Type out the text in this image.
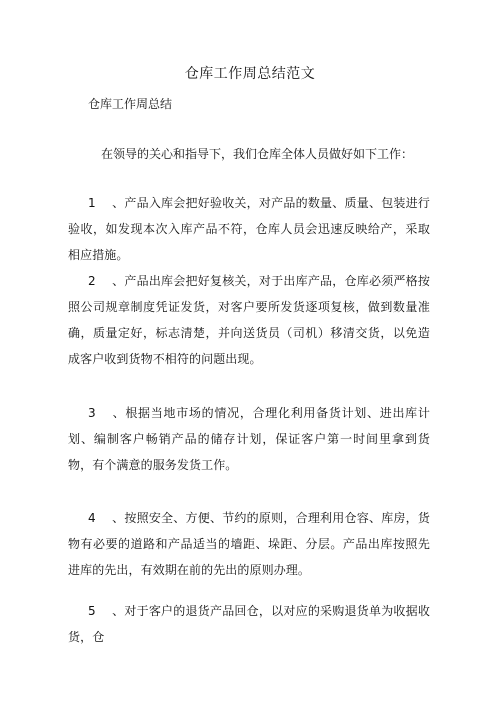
仓库工作周总结范文
仓库工作周总结
在领导的关心和指导下，我们仓库全体人员做好如下工作：
1 、产品入库会把好验收关，对产品的数量、质量、包装进行验收，如发现本次入库产品不符，仓库人员会迅速反映给产，采取相应措施。
2 、产品出库会把好复核关，对于出库产品，仓库必须严格按照公司规章制度凭证发货，对客户要所发货逐项复核，做到数量准确，质量定好，标志清楚，并向送货员（司机）移清交货，以免造成客户收到货物不相符的问题出现。
3 、根据当地市场的情况，合理化利用备货计划、进出库计划、编制客户畅销产品的储存计划，保证客户第一时间里拿到货物，有个满意的服务发货工作。
4 、按照安全、方便、节约的原则，合理利用仓容、库房，货物有必要的道路和产品适当的墙距、垛距、分层。产品出库按照先进库的先出，有效期在前的先出的原则办理。
5 、对于客户的退货产品回仓，以对应的采购退货单为收据收货，仓
